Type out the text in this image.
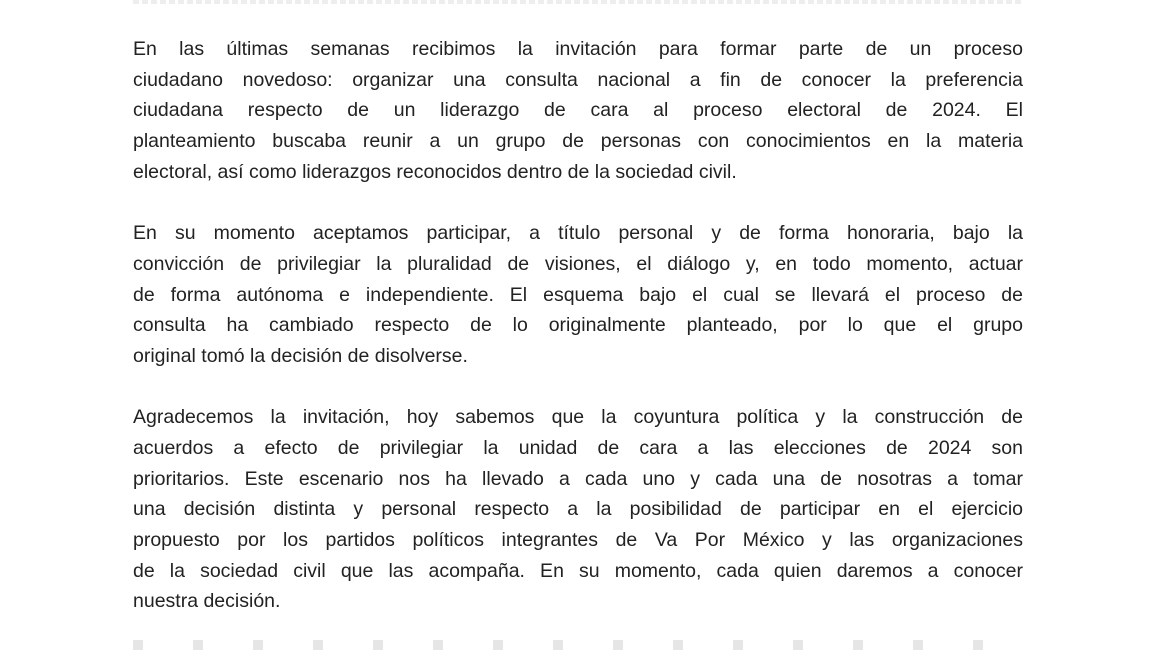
En las últimas semanas recibimos la invitación para formar parte de un proceso
ciudadano novedoso: organizar una consulta nacional a fin de conocer la preferencia
ciudadana respecto de un liderazgo de cara al proceso electoral de 2024. El
planteamiento buscaba reunir a un grupo de personas con conocimientos en la materia
electoral, así como liderazgos reconocidos dentro de la sociedad civil.
En su momento aceptamos participar, a título personal y de forma honoraria, bajo la
convicción de privilegiar la pluralidad de visiones, el diálogo y, en todo momento, actuar
de forma autónoma e independiente. El esquema bajo el cual se llevará el proceso de
consulta ha cambiado respecto de lo originalmente planteado, por lo que el grupo
original tomó la decisión de disolverse.
Agradecemos la invitación, hoy sabemos que la coyuntura política y la construcción de
acuerdos a efecto de privilegiar la unidad de cara a las elecciones de 2024 son
prioritarios. Este escenario nos ha llevado a cada uno y cada una de nosotras a tomar
una decisión distinta y personal respecto a la posibilidad de participar en el ejercicio
propuesto por los partidos políticos integrantes de Va Por México y las organizaciones
de la sociedad civil que las acompaña. En su momento, cada quien daremos a conocer
nuestra decisión.
